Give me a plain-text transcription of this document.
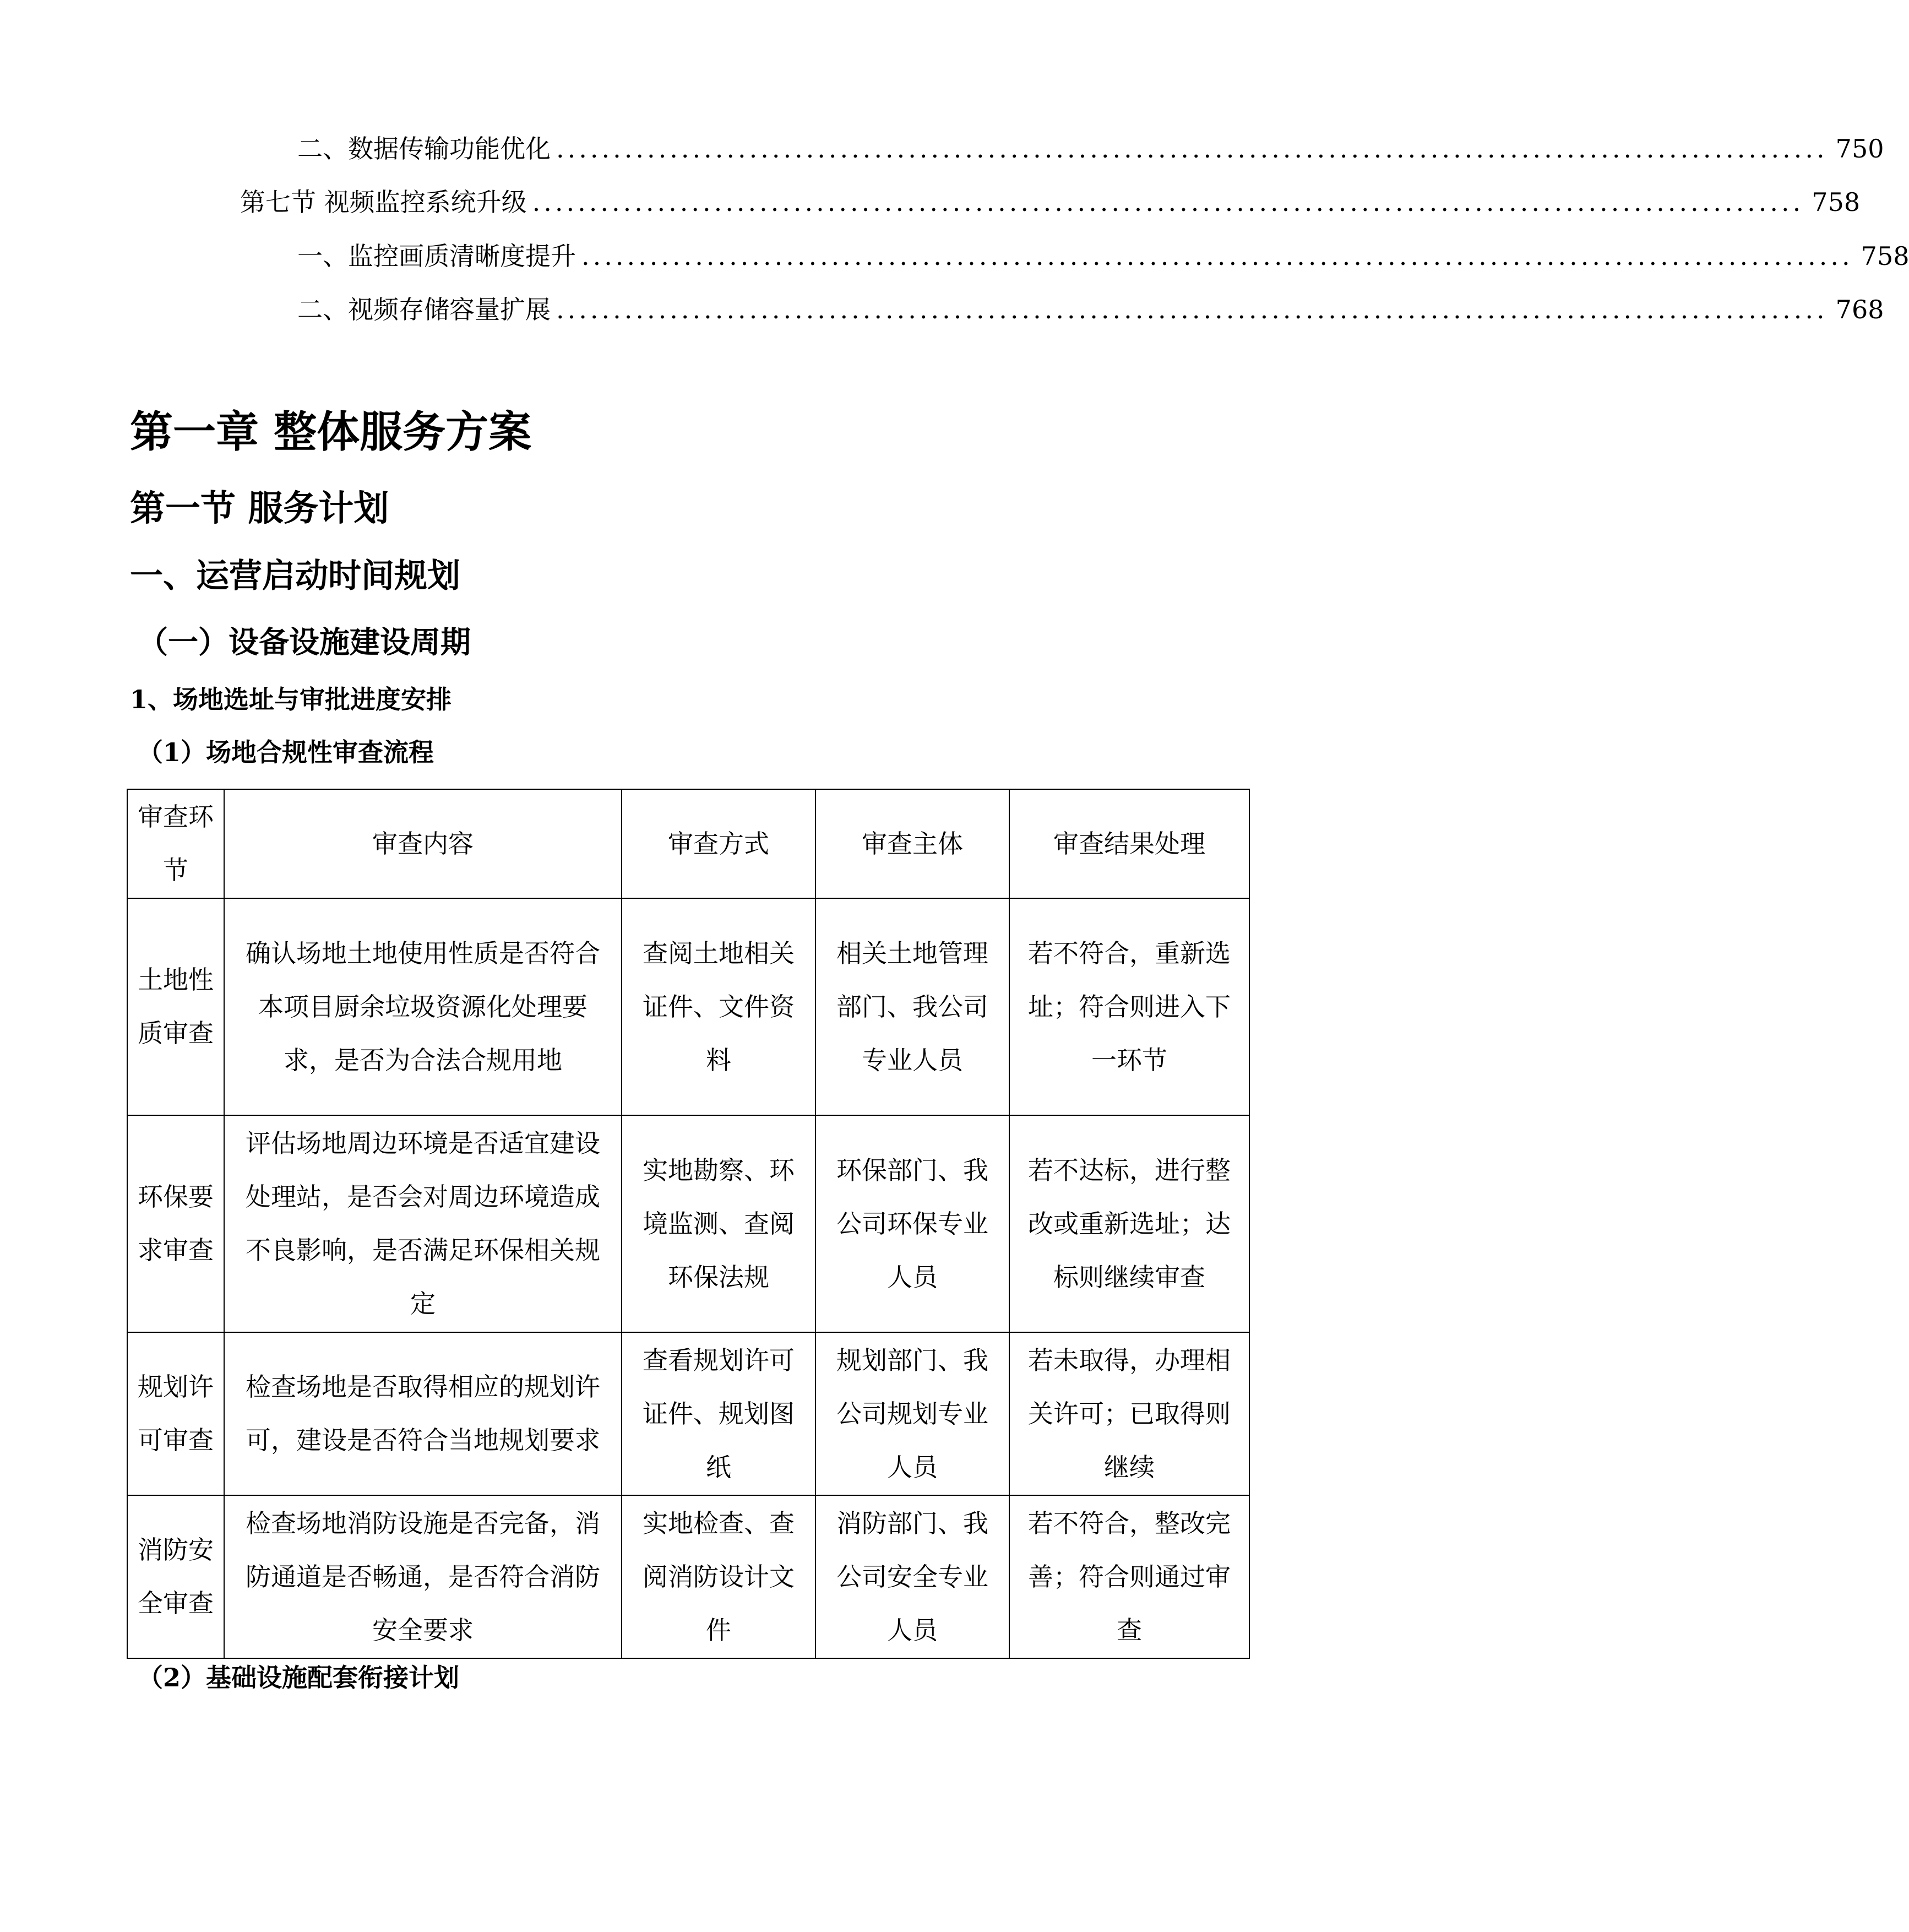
二、 数据传输功能优化 ................................................................................................................ 750
第七节 视频监控系统升级 ................................................................................................................ 758
一、 监控画质清晰度提升 ................................................................................................................ 758
二、 视频存储容量扩展 ................................................................................................................ 768
第一章 整体服务方案
第一节 服务计划
一、运营启动时间规划
（一）设备设施建设周期
1、场地选址与审批进度安排
（1）场地合规性审查流程
审查环节	审查内容	审查方式	审查主体	审查结果处理
土地性质审查	确认场地土地使用性质是否符合本项目厨余垃圾资源化处理要求，是否为合法合规用地	查阅土地相关证件、文件资料	相关土地管理部门、我公司专业人员	若不符合，重新选址；符合则进入下一环节
环保要求审查	评估场地周边环境是否适宜建设处理站，是否会对周边环境造成不良影响，是否满足环保相关规定	实地勘察、环境监测、查阅环保法规	环保部门、我公司环保专业人员	若不达标，进行整改或重新选址；达标则继续审查
规划许可审查	检查场地是否取得相应的规划许可，建设是否符合当地规划要求	查看规划许可证件、规划图纸	规划部门、我公司规划专业人员	若未取得，办理相关许可；已取得则继续
消防安全审查	检查场地消防设施是否完备，消防通道是否畅通，是否符合消防安全要求	实地检查、查阅消防设计文件	消防部门、我公司安全专业人员	若不符合，整改完善；符合则通过审查
（2）基础设施配套衔接计划
